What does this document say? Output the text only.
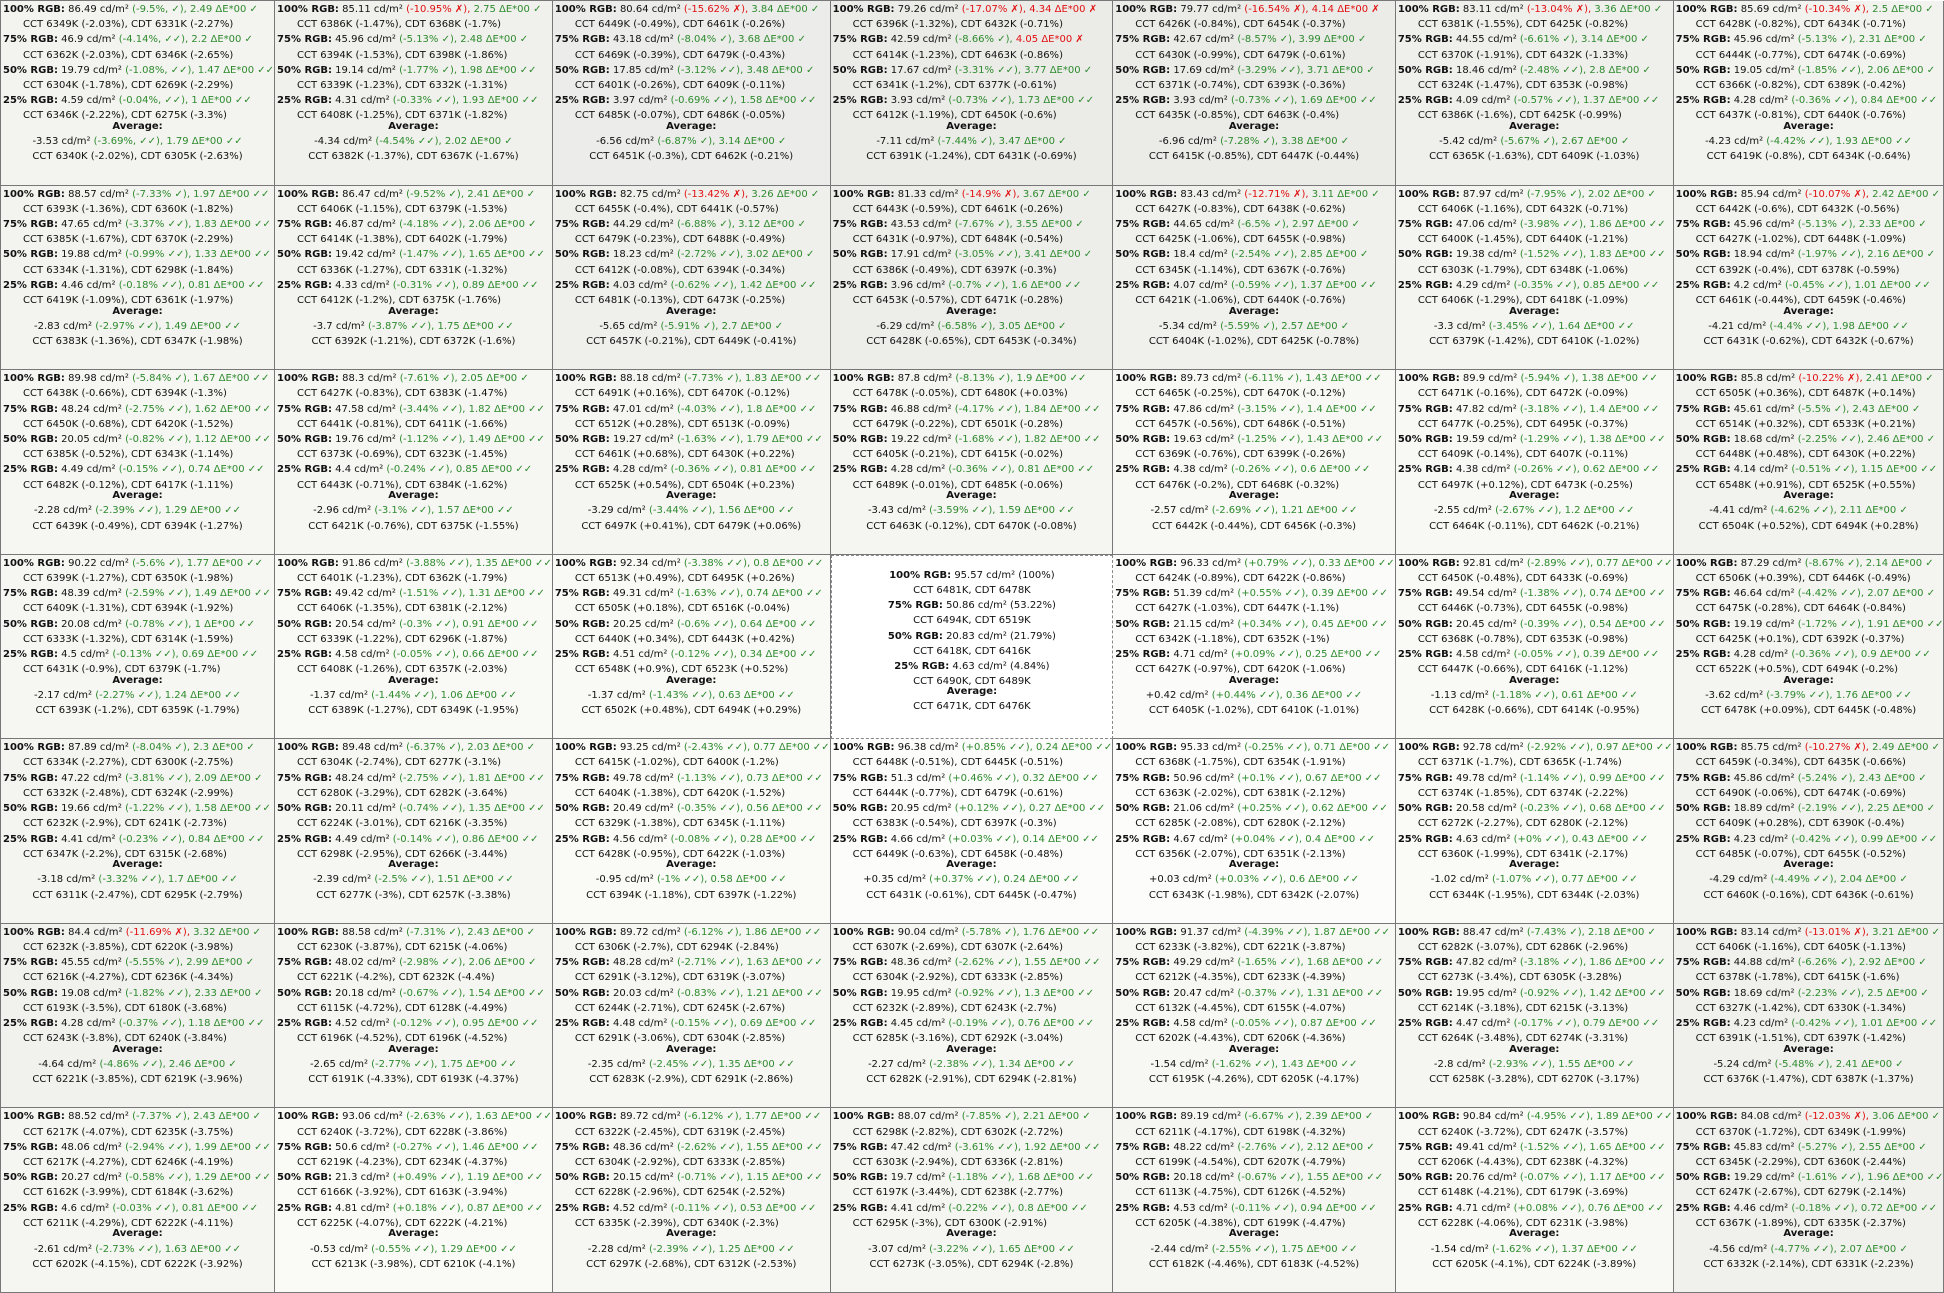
100% RGB: 86.49 cd/m² (-9.5%, ✓), 2.49 ΔE*00 ✓
CCT 6349K (-2.03%), CDT 6331K (-2.27%)
75% RGB: 46.9 cd/m² (-4.14%, ✓✓), 2.2 ΔE*00 ✓
CCT 6362K (-2.03%), CDT 6346K (-2.65%)
50% RGB: 19.79 cd/m² (-1.08%, ✓✓), 1.47 ΔE*00 ✓✓
CCT 6304K (-1.78%), CDT 6269K (-2.29%)
25% RGB: 4.59 cd/m² (-0.04%, ✓✓), 1 ΔE*00 ✓✓
CCT 6346K (-2.22%), CDT 6275K (-3.3%)
Average:
-3.53 cd/m² (-3.69%, ✓✓), 1.79 ΔE*00 ✓✓
CCT 6340K (-2.02%), CDT 6305K (-2.63%)
100% RGB: 85.11 cd/m² (-10.95% ✗), 2.75 ΔE*00 ✓
CCT 6386K (-1.47%), CDT 6368K (-1.7%)
75% RGB: 45.96 cd/m² (-5.13% ✓), 2.48 ΔE*00 ✓
CCT 6394K (-1.53%), CDT 6398K (-1.86%)
50% RGB: 19.14 cd/m² (-1.77% ✓), 1.98 ΔE*00 ✓✓
CCT 6339K (-1.23%), CDT 6332K (-1.31%)
25% RGB: 4.31 cd/m² (-0.33% ✓✓), 1.93 ΔE*00 ✓✓
CCT 6408K (-1.25%), CDT 6371K (-1.82%)
Average:
-4.34 cd/m² (-4.54% ✓✓), 2.02 ΔE*00 ✓
CCT 6382K (-1.37%), CDT 6367K (-1.67%)
100% RGB: 80.64 cd/m² (-15.62% ✗), 3.84 ΔE*00 ✓
CCT 6449K (-0.49%), CDT 6461K (-0.26%)
75% RGB: 43.18 cd/m² (-8.04% ✓), 3.68 ΔE*00 ✓
CCT 6469K (-0.39%), CDT 6479K (-0.43%)
50% RGB: 17.85 cd/m² (-3.12% ✓✓), 3.48 ΔE*00 ✓
CCT 6401K (-0.26%), CDT 6409K (-0.11%)
25% RGB: 3.97 cd/m² (-0.69% ✓✓), 1.58 ΔE*00 ✓✓
CCT 6485K (-0.07%), CDT 6486K (-0.05%)
Average:
-6.56 cd/m² (-6.87% ✓), 3.14 ΔE*00 ✓
CCT 6451K (-0.3%), CDT 6462K (-0.21%)
100% RGB: 79.26 cd/m² (-17.07% ✗), 4.34 ΔE*00 ✗
CCT 6396K (-1.32%), CDT 6432K (-0.71%)
75% RGB: 42.59 cd/m² (-8.66% ✓), 4.05 ΔE*00 ✗
CCT 6414K (-1.23%), CDT 6463K (-0.86%)
50% RGB: 17.67 cd/m² (-3.31% ✓✓), 3.77 ΔE*00 ✓
CCT 6341K (-1.2%), CDT 6377K (-0.61%)
25% RGB: 3.93 cd/m² (-0.73% ✓✓), 1.73 ΔE*00 ✓✓
CCT 6412K (-1.19%), CDT 6450K (-0.6%)
Average:
-7.11 cd/m² (-7.44% ✓), 3.47 ΔE*00 ✓
CCT 6391K (-1.24%), CDT 6431K (-0.69%)
100% RGB: 79.77 cd/m² (-16.54% ✗), 4.14 ΔE*00 ✗
CCT 6426K (-0.84%), CDT 6454K (-0.37%)
75% RGB: 42.67 cd/m² (-8.57% ✓), 3.99 ΔE*00 ✓
CCT 6430K (-0.99%), CDT 6479K (-0.61%)
50% RGB: 17.69 cd/m² (-3.29% ✓✓), 3.71 ΔE*00 ✓
CCT 6371K (-0.74%), CDT 6393K (-0.36%)
25% RGB: 3.93 cd/m² (-0.73% ✓✓), 1.69 ΔE*00 ✓✓
CCT 6435K (-0.85%), CDT 6463K (-0.4%)
Average:
-6.96 cd/m² (-7.28% ✓), 3.38 ΔE*00 ✓
CCT 6415K (-0.85%), CDT 6447K (-0.44%)
100% RGB: 83.11 cd/m² (-13.04% ✗), 3.36 ΔE*00 ✓
CCT 6381K (-1.55%), CDT 6425K (-0.82%)
75% RGB: 44.55 cd/m² (-6.61% ✓), 3.14 ΔE*00 ✓
CCT 6370K (-1.91%), CDT 6432K (-1.33%)
50% RGB: 18.46 cd/m² (-2.48% ✓✓), 2.8 ΔE*00 ✓
CCT 6324K (-1.47%), CDT 6353K (-0.98%)
25% RGB: 4.09 cd/m² (-0.57% ✓✓), 1.37 ΔE*00 ✓✓
CCT 6386K (-1.6%), CDT 6425K (-0.99%)
Average:
-5.42 cd/m² (-5.67% ✓), 2.67 ΔE*00 ✓
CCT 6365K (-1.63%), CDT 6409K (-1.03%)
100% RGB: 85.69 cd/m² (-10.34% ✗), 2.5 ΔE*00 ✓
CCT 6428K (-0.82%), CDT 6434K (-0.71%)
75% RGB: 45.96 cd/m² (-5.13% ✓), 2.31 ΔE*00 ✓
CCT 6444K (-0.77%), CDT 6474K (-0.69%)
50% RGB: 19.05 cd/m² (-1.85% ✓✓), 2.06 ΔE*00 ✓
CCT 6366K (-0.82%), CDT 6389K (-0.42%)
25% RGB: 4.28 cd/m² (-0.36% ✓✓), 0.84 ΔE*00 ✓✓
CCT 6437K (-0.81%), CDT 6440K (-0.76%)
Average:
-4.23 cd/m² (-4.42% ✓✓), 1.93 ΔE*00 ✓✓
CCT 6419K (-0.8%), CDT 6434K (-0.64%)
100% RGB: 88.57 cd/m² (-7.33% ✓), 1.97 ΔE*00 ✓✓
CCT 6393K (-1.36%), CDT 6360K (-1.82%)
75% RGB: 47.65 cd/m² (-3.37% ✓✓), 1.83 ΔE*00 ✓✓
CCT 6385K (-1.67%), CDT 6370K (-2.29%)
50% RGB: 19.88 cd/m² (-0.99% ✓✓), 1.33 ΔE*00 ✓✓
CCT 6334K (-1.31%), CDT 6298K (-1.84%)
25% RGB: 4.46 cd/m² (-0.18% ✓✓), 0.81 ΔE*00 ✓✓
CCT 6419K (-1.09%), CDT 6361K (-1.97%)
Average:
-2.83 cd/m² (-2.97% ✓✓), 1.49 ΔE*00 ✓✓
CCT 6383K (-1.36%), CDT 6347K (-1.98%)
100% RGB: 86.47 cd/m² (-9.52% ✓), 2.41 ΔE*00 ✓
CCT 6406K (-1.15%), CDT 6379K (-1.53%)
75% RGB: 46.87 cd/m² (-4.18% ✓✓), 2.06 ΔE*00 ✓
CCT 6414K (-1.38%), CDT 6402K (-1.79%)
50% RGB: 19.42 cd/m² (-1.47% ✓✓), 1.65 ΔE*00 ✓✓
CCT 6336K (-1.27%), CDT 6331K (-1.32%)
25% RGB: 4.33 cd/m² (-0.31% ✓✓), 0.89 ΔE*00 ✓✓
CCT 6412K (-1.2%), CDT 6375K (-1.76%)
Average:
-3.7 cd/m² (-3.87% ✓✓), 1.75 ΔE*00 ✓✓
CCT 6392K (-1.21%), CDT 6372K (-1.6%)
100% RGB: 82.75 cd/m² (-13.42% ✗), 3.26 ΔE*00 ✓
CCT 6455K (-0.4%), CDT 6441K (-0.57%)
75% RGB: 44.29 cd/m² (-6.88% ✓), 3.12 ΔE*00 ✓
CCT 6479K (-0.23%), CDT 6488K (-0.49%)
50% RGB: 18.23 cd/m² (-2.72% ✓✓), 3.02 ΔE*00 ✓
CCT 6412K (-0.08%), CDT 6394K (-0.34%)
25% RGB: 4.03 cd/m² (-0.62% ✓✓), 1.42 ΔE*00 ✓✓
CCT 6481K (-0.13%), CDT 6473K (-0.25%)
Average:
-5.65 cd/m² (-5.91% ✓), 2.7 ΔE*00 ✓
CCT 6457K (-0.21%), CDT 6449K (-0.41%)
100% RGB: 81.33 cd/m² (-14.9% ✗), 3.67 ΔE*00 ✓
CCT 6443K (-0.59%), CDT 6461K (-0.26%)
75% RGB: 43.53 cd/m² (-7.67% ✓), 3.55 ΔE*00 ✓
CCT 6431K (-0.97%), CDT 6484K (-0.54%)
50% RGB: 17.91 cd/m² (-3.05% ✓✓), 3.41 ΔE*00 ✓
CCT 6386K (-0.49%), CDT 6397K (-0.3%)
25% RGB: 3.96 cd/m² (-0.7% ✓✓), 1.6 ΔE*00 ✓✓
CCT 6453K (-0.57%), CDT 6471K (-0.28%)
Average:
-6.29 cd/m² (-6.58% ✓), 3.05 ΔE*00 ✓
CCT 6428K (-0.65%), CDT 6453K (-0.34%)
100% RGB: 83.43 cd/m² (-12.71% ✗), 3.11 ΔE*00 ✓
CCT 6427K (-0.83%), CDT 6438K (-0.62%)
75% RGB: 44.65 cd/m² (-6.5% ✓), 2.97 ΔE*00 ✓
CCT 6425K (-1.06%), CDT 6455K (-0.98%)
50% RGB: 18.4 cd/m² (-2.54% ✓✓), 2.85 ΔE*00 ✓
CCT 6345K (-1.14%), CDT 6367K (-0.76%)
25% RGB: 4.07 cd/m² (-0.59% ✓✓), 1.37 ΔE*00 ✓✓
CCT 6421K (-1.06%), CDT 6440K (-0.76%)
Average:
-5.34 cd/m² (-5.59% ✓), 2.57 ΔE*00 ✓
CCT 6404K (-1.02%), CDT 6425K (-0.78%)
100% RGB: 87.97 cd/m² (-7.95% ✓), 2.02 ΔE*00 ✓
CCT 6406K (-1.16%), CDT 6432K (-0.71%)
75% RGB: 47.06 cd/m² (-3.98% ✓✓), 1.86 ΔE*00 ✓✓
CCT 6400K (-1.45%), CDT 6440K (-1.21%)
50% RGB: 19.38 cd/m² (-1.52% ✓✓), 1.83 ΔE*00 ✓✓
CCT 6303K (-1.79%), CDT 6348K (-1.06%)
25% RGB: 4.29 cd/m² (-0.35% ✓✓), 0.85 ΔE*00 ✓✓
CCT 6406K (-1.29%), CDT 6418K (-1.09%)
Average:
-3.3 cd/m² (-3.45% ✓✓), 1.64 ΔE*00 ✓✓
CCT 6379K (-1.42%), CDT 6410K (-1.02%)
100% RGB: 85.94 cd/m² (-10.07% ✗), 2.42 ΔE*00 ✓
CCT 6442K (-0.6%), CDT 6432K (-0.56%)
75% RGB: 45.96 cd/m² (-5.13% ✓), 2.33 ΔE*00 ✓
CCT 6427K (-1.02%), CDT 6448K (-1.09%)
50% RGB: 18.94 cd/m² (-1.97% ✓✓), 2.16 ΔE*00 ✓
CCT 6392K (-0.4%), CDT 6378K (-0.59%)
25% RGB: 4.2 cd/m² (-0.45% ✓✓), 1.01 ΔE*00 ✓✓
CCT 6461K (-0.44%), CDT 6459K (-0.46%)
Average:
-4.21 cd/m² (-4.4% ✓✓), 1.98 ΔE*00 ✓✓
CCT 6431K (-0.62%), CDT 6432K (-0.67%)
100% RGB: 89.98 cd/m² (-5.84% ✓), 1.67 ΔE*00 ✓✓
CCT 6438K (-0.66%), CDT 6394K (-1.3%)
75% RGB: 48.24 cd/m² (-2.75% ✓✓), 1.62 ΔE*00 ✓✓
CCT 6450K (-0.68%), CDT 6420K (-1.52%)
50% RGB: 20.05 cd/m² (-0.82% ✓✓), 1.12 ΔE*00 ✓✓
CCT 6385K (-0.52%), CDT 6343K (-1.14%)
25% RGB: 4.49 cd/m² (-0.15% ✓✓), 0.74 ΔE*00 ✓✓
CCT 6482K (-0.12%), CDT 6417K (-1.11%)
Average:
-2.28 cd/m² (-2.39% ✓✓), 1.29 ΔE*00 ✓✓
CCT 6439K (-0.49%), CDT 6394K (-1.27%)
100% RGB: 88.3 cd/m² (-7.61% ✓), 2.05 ΔE*00 ✓
CCT 6427K (-0.83%), CDT 6383K (-1.47%)
75% RGB: 47.58 cd/m² (-3.44% ✓✓), 1.82 ΔE*00 ✓✓
CCT 6441K (-0.81%), CDT 6411K (-1.66%)
50% RGB: 19.76 cd/m² (-1.12% ✓✓), 1.49 ΔE*00 ✓✓
CCT 6373K (-0.69%), CDT 6323K (-1.45%)
25% RGB: 4.4 cd/m² (-0.24% ✓✓), 0.85 ΔE*00 ✓✓
CCT 6443K (-0.71%), CDT 6384K (-1.62%)
Average:
-2.96 cd/m² (-3.1% ✓✓), 1.57 ΔE*00 ✓✓
CCT 6421K (-0.76%), CDT 6375K (-1.55%)
100% RGB: 88.18 cd/m² (-7.73% ✓), 1.83 ΔE*00 ✓✓
CCT 6491K (+0.16%), CDT 6470K (-0.12%)
75% RGB: 47.01 cd/m² (-4.03% ✓✓), 1.8 ΔE*00 ✓✓
CCT 6512K (+0.28%), CDT 6513K (-0.09%)
50% RGB: 19.27 cd/m² (-1.63% ✓✓), 1.79 ΔE*00 ✓✓
CCT 6461K (+0.68%), CDT 6430K (+0.22%)
25% RGB: 4.28 cd/m² (-0.36% ✓✓), 0.81 ΔE*00 ✓✓
CCT 6525K (+0.54%), CDT 6504K (+0.23%)
Average:
-3.29 cd/m² (-3.44% ✓✓), 1.56 ΔE*00 ✓✓
CCT 6497K (+0.41%), CDT 6479K (+0.06%)
100% RGB: 87.8 cd/m² (-8.13% ✓), 1.9 ΔE*00 ✓✓
CCT 6478K (-0.05%), CDT 6480K (+0.03%)
75% RGB: 46.88 cd/m² (-4.17% ✓✓), 1.84 ΔE*00 ✓✓
CCT 6479K (-0.22%), CDT 6501K (-0.28%)
50% RGB: 19.22 cd/m² (-1.68% ✓✓), 1.82 ΔE*00 ✓✓
CCT 6405K (-0.21%), CDT 6415K (-0.02%)
25% RGB: 4.28 cd/m² (-0.36% ✓✓), 0.81 ΔE*00 ✓✓
CCT 6489K (-0.01%), CDT 6485K (-0.06%)
Average:
-3.43 cd/m² (-3.59% ✓✓), 1.59 ΔE*00 ✓✓
CCT 6463K (-0.12%), CDT 6470K (-0.08%)
100% RGB: 89.73 cd/m² (-6.11% ✓), 1.43 ΔE*00 ✓✓
CCT 6465K (-0.25%), CDT 6470K (-0.12%)
75% RGB: 47.86 cd/m² (-3.15% ✓✓), 1.4 ΔE*00 ✓✓
CCT 6457K (-0.56%), CDT 6486K (-0.51%)
50% RGB: 19.63 cd/m² (-1.25% ✓✓), 1.43 ΔE*00 ✓✓
CCT 6369K (-0.76%), CDT 6399K (-0.26%)
25% RGB: 4.38 cd/m² (-0.26% ✓✓), 0.6 ΔE*00 ✓✓
CCT 6476K (-0.2%), CDT 6468K (-0.32%)
Average:
-2.57 cd/m² (-2.69% ✓✓), 1.21 ΔE*00 ✓✓
CCT 6442K (-0.44%), CDT 6456K (-0.3%)
100% RGB: 89.9 cd/m² (-5.94% ✓), 1.38 ΔE*00 ✓✓
CCT 6471K (-0.16%), CDT 6472K (-0.09%)
75% RGB: 47.82 cd/m² (-3.18% ✓✓), 1.4 ΔE*00 ✓✓
CCT 6477K (-0.25%), CDT 6495K (-0.37%)
50% RGB: 19.59 cd/m² (-1.29% ✓✓), 1.38 ΔE*00 ✓✓
CCT 6409K (-0.14%), CDT 6407K (-0.11%)
25% RGB: 4.38 cd/m² (-0.26% ✓✓), 0.62 ΔE*00 ✓✓
CCT 6497K (+0.12%), CDT 6473K (-0.25%)
Average:
-2.55 cd/m² (-2.67% ✓✓), 1.2 ΔE*00 ✓✓
CCT 6464K (-0.11%), CDT 6462K (-0.21%)
100% RGB: 85.8 cd/m² (-10.22% ✗), 2.41 ΔE*00 ✓
CCT 6505K (+0.36%), CDT 6487K (+0.14%)
75% RGB: 45.61 cd/m² (-5.5% ✓), 2.43 ΔE*00 ✓
CCT 6514K (+0.32%), CDT 6533K (+0.21%)
50% RGB: 18.68 cd/m² (-2.25% ✓✓), 2.46 ΔE*00 ✓
CCT 6448K (+0.48%), CDT 6430K (+0.22%)
25% RGB: 4.14 cd/m² (-0.51% ✓✓), 1.15 ΔE*00 ✓✓
CCT 6548K (+0.91%), CDT 6525K (+0.55%)
Average:
-4.41 cd/m² (-4.62% ✓✓), 2.11 ΔE*00 ✓
CCT 6504K (+0.52%), CDT 6494K (+0.28%)
100% RGB: 90.22 cd/m² (-5.6% ✓), 1.77 ΔE*00 ✓✓
CCT 6399K (-1.27%), CDT 6350K (-1.98%)
75% RGB: 48.39 cd/m² (-2.59% ✓✓), 1.49 ΔE*00 ✓✓
CCT 6409K (-1.31%), CDT 6394K (-1.92%)
50% RGB: 20.08 cd/m² (-0.78% ✓✓), 1 ΔE*00 ✓✓
CCT 6333K (-1.32%), CDT 6314K (-1.59%)
25% RGB: 4.5 cd/m² (-0.13% ✓✓), 0.69 ΔE*00 ✓✓
CCT 6431K (-0.9%), CDT 6379K (-1.7%)
Average:
-2.17 cd/m² (-2.27% ✓✓), 1.24 ΔE*00 ✓✓
CCT 6393K (-1.2%), CDT 6359K (-1.79%)
100% RGB: 91.86 cd/m² (-3.88% ✓✓), 1.35 ΔE*00 ✓✓
CCT 6401K (-1.23%), CDT 6362K (-1.79%)
75% RGB: 49.42 cd/m² (-1.51% ✓✓), 1.31 ΔE*00 ✓✓
CCT 6406K (-1.35%), CDT 6381K (-2.12%)
50% RGB: 20.54 cd/m² (-0.3% ✓✓), 0.91 ΔE*00 ✓✓
CCT 6339K (-1.22%), CDT 6296K (-1.87%)
25% RGB: 4.58 cd/m² (-0.05% ✓✓), 0.66 ΔE*00 ✓✓
CCT 6408K (-1.26%), CDT 6357K (-2.03%)
Average:
-1.37 cd/m² (-1.44% ✓✓), 1.06 ΔE*00 ✓✓
CCT 6389K (-1.27%), CDT 6349K (-1.95%)
100% RGB: 92.34 cd/m² (-3.38% ✓✓), 0.8 ΔE*00 ✓✓
CCT 6513K (+0.49%), CDT 6495K (+0.26%)
75% RGB: 49.31 cd/m² (-1.63% ✓✓), 0.74 ΔE*00 ✓✓
CCT 6505K (+0.18%), CDT 6516K (-0.04%)
50% RGB: 20.25 cd/m² (-0.6% ✓✓), 0.64 ΔE*00 ✓✓
CCT 6440K (+0.34%), CDT 6443K (+0.42%)
25% RGB: 4.51 cd/m² (-0.12% ✓✓), 0.34 ΔE*00 ✓✓
CCT 6548K (+0.9%), CDT 6523K (+0.52%)
Average:
-1.37 cd/m² (-1.43% ✓✓), 0.63 ΔE*00 ✓✓
CCT 6502K (+0.48%), CDT 6494K (+0.29%)
100% RGB: 95.57 cd/m² (100%)
CCT 6481K, CDT 6478K
75% RGB: 50.86 cd/m² (53.22%)
CCT 6494K, CDT 6519K
50% RGB: 20.83 cd/m² (21.79%)
CCT 6418K, CDT 6416K
25% RGB: 4.63 cd/m² (4.84%)
CCT 6490K, CDT 6489K
Average:
CCT 6471K, CDT 6476K
100% RGB: 96.33 cd/m² (+0.79% ✓✓), 0.33 ΔE*00 ✓✓
CCT 6424K (-0.89%), CDT 6422K (-0.86%)
75% RGB: 51.39 cd/m² (+0.55% ✓✓), 0.39 ΔE*00 ✓✓
CCT 6427K (-1.03%), CDT 6447K (-1.1%)
50% RGB: 21.15 cd/m² (+0.34% ✓✓), 0.45 ΔE*00 ✓✓
CCT 6342K (-1.18%), CDT 6352K (-1%)
25% RGB: 4.71 cd/m² (+0.09% ✓✓), 0.25 ΔE*00 ✓✓
CCT 6427K (-0.97%), CDT 6420K (-1.06%)
Average:
+0.42 cd/m² (+0.44% ✓✓), 0.36 ΔE*00 ✓✓
CCT 6405K (-1.02%), CDT 6410K (-1.01%)
100% RGB: 92.81 cd/m² (-2.89% ✓✓), 0.77 ΔE*00 ✓✓
CCT 6450K (-0.48%), CDT 6433K (-0.69%)
75% RGB: 49.54 cd/m² (-1.38% ✓✓), 0.74 ΔE*00 ✓✓
CCT 6446K (-0.73%), CDT 6455K (-0.98%)
50% RGB: 20.45 cd/m² (-0.39% ✓✓), 0.54 ΔE*00 ✓✓
CCT 6368K (-0.78%), CDT 6353K (-0.98%)
25% RGB: 4.58 cd/m² (-0.05% ✓✓), 0.39 ΔE*00 ✓✓
CCT 6447K (-0.66%), CDT 6416K (-1.12%)
Average:
-1.13 cd/m² (-1.18% ✓✓), 0.61 ΔE*00 ✓✓
CCT 6428K (-0.66%), CDT 6414K (-0.95%)
100% RGB: 87.29 cd/m² (-8.67% ✓), 2.14 ΔE*00 ✓
CCT 6506K (+0.39%), CDT 6446K (-0.49%)
75% RGB: 46.64 cd/m² (-4.42% ✓✓), 2.07 ΔE*00 ✓
CCT 6475K (-0.28%), CDT 6464K (-0.84%)
50% RGB: 19.19 cd/m² (-1.72% ✓✓), 1.91 ΔE*00 ✓✓
CCT 6425K (+0.1%), CDT 6392K (-0.37%)
25% RGB: 4.28 cd/m² (-0.36% ✓✓), 0.9 ΔE*00 ✓✓
CCT 6522K (+0.5%), CDT 6494K (-0.2%)
Average:
-3.62 cd/m² (-3.79% ✓✓), 1.76 ΔE*00 ✓✓
CCT 6478K (+0.09%), CDT 6445K (-0.48%)
100% RGB: 87.89 cd/m² (-8.04% ✓), 2.3 ΔE*00 ✓
CCT 6334K (-2.27%), CDT 6300K (-2.75%)
75% RGB: 47.22 cd/m² (-3.81% ✓✓), 2.09 ΔE*00 ✓
CCT 6332K (-2.48%), CDT 6324K (-2.99%)
50% RGB: 19.66 cd/m² (-1.22% ✓✓), 1.58 ΔE*00 ✓✓
CCT 6232K (-2.9%), CDT 6241K (-2.73%)
25% RGB: 4.41 cd/m² (-0.23% ✓✓), 0.84 ΔE*00 ✓✓
CCT 6347K (-2.2%), CDT 6315K (-2.68%)
Average:
-3.18 cd/m² (-3.32% ✓✓), 1.7 ΔE*00 ✓✓
CCT 6311K (-2.47%), CDT 6295K (-2.79%)
100% RGB: 89.48 cd/m² (-6.37% ✓), 2.03 ΔE*00 ✓
CCT 6304K (-2.74%), CDT 6277K (-3.1%)
75% RGB: 48.24 cd/m² (-2.75% ✓✓), 1.81 ΔE*00 ✓✓
CCT 6280K (-3.29%), CDT 6282K (-3.64%)
50% RGB: 20.11 cd/m² (-0.74% ✓✓), 1.35 ΔE*00 ✓✓
CCT 6224K (-3.01%), CDT 6216K (-3.35%)
25% RGB: 4.49 cd/m² (-0.14% ✓✓), 0.86 ΔE*00 ✓✓
CCT 6298K (-2.95%), CDT 6266K (-3.44%)
Average:
-2.39 cd/m² (-2.5% ✓✓), 1.51 ΔE*00 ✓✓
CCT 6277K (-3%), CDT 6257K (-3.38%)
100% RGB: 93.25 cd/m² (-2.43% ✓✓), 0.77 ΔE*00 ✓✓
CCT 6415K (-1.02%), CDT 6400K (-1.2%)
75% RGB: 49.78 cd/m² (-1.13% ✓✓), 0.73 ΔE*00 ✓✓
CCT 6404K (-1.38%), CDT 6420K (-1.52%)
50% RGB: 20.49 cd/m² (-0.35% ✓✓), 0.56 ΔE*00 ✓✓
CCT 6329K (-1.38%), CDT 6345K (-1.11%)
25% RGB: 4.56 cd/m² (-0.08% ✓✓), 0.28 ΔE*00 ✓✓
CCT 6428K (-0.95%), CDT 6422K (-1.03%)
Average:
-0.95 cd/m² (-1% ✓✓), 0.58 ΔE*00 ✓✓
CCT 6394K (-1.18%), CDT 6397K (-1.22%)
100% RGB: 96.38 cd/m² (+0.85% ✓✓), 0.24 ΔE*00 ✓✓
CCT 6448K (-0.51%), CDT 6445K (-0.51%)
75% RGB: 51.3 cd/m² (+0.46% ✓✓), 0.32 ΔE*00 ✓✓
CCT 6444K (-0.77%), CDT 6479K (-0.61%)
50% RGB: 20.95 cd/m² (+0.12% ✓✓), 0.27 ΔE*00 ✓✓
CCT 6383K (-0.54%), CDT 6397K (-0.3%)
25% RGB: 4.66 cd/m² (+0.03% ✓✓), 0.14 ΔE*00 ✓✓
CCT 6449K (-0.63%), CDT 6458K (-0.48%)
Average:
+0.35 cd/m² (+0.37% ✓✓), 0.24 ΔE*00 ✓✓
CCT 6431K (-0.61%), CDT 6445K (-0.47%)
100% RGB: 95.33 cd/m² (-0.25% ✓✓), 0.71 ΔE*00 ✓✓
CCT 6368K (-1.75%), CDT 6354K (-1.91%)
75% RGB: 50.96 cd/m² (+0.1% ✓✓), 0.67 ΔE*00 ✓✓
CCT 6363K (-2.02%), CDT 6381K (-2.12%)
50% RGB: 21.06 cd/m² (+0.25% ✓✓), 0.62 ΔE*00 ✓✓
CCT 6285K (-2.08%), CDT 6280K (-2.12%)
25% RGB: 4.67 cd/m² (+0.04% ✓✓), 0.4 ΔE*00 ✓✓
CCT 6356K (-2.07%), CDT 6351K (-2.13%)
Average:
+0.03 cd/m² (+0.03% ✓✓), 0.6 ΔE*00 ✓✓
CCT 6343K (-1.98%), CDT 6342K (-2.07%)
100% RGB: 92.78 cd/m² (-2.92% ✓✓), 0.97 ΔE*00 ✓✓
CCT 6371K (-1.7%), CDT 6365K (-1.74%)
75% RGB: 49.78 cd/m² (-1.14% ✓✓), 0.99 ΔE*00 ✓✓
CCT 6374K (-1.85%), CDT 6374K (-2.22%)
50% RGB: 20.58 cd/m² (-0.23% ✓✓), 0.68 ΔE*00 ✓✓
CCT 6272K (-2.27%), CDT 6280K (-2.12%)
25% RGB: 4.63 cd/m² (+0% ✓✓), 0.43 ΔE*00 ✓✓
CCT 6360K (-1.99%), CDT 6341K (-2.17%)
Average:
-1.02 cd/m² (-1.07% ✓✓), 0.77 ΔE*00 ✓✓
CCT 6344K (-1.95%), CDT 6344K (-2.03%)
100% RGB: 85.75 cd/m² (-10.27% ✗), 2.49 ΔE*00 ✓
CCT 6459K (-0.34%), CDT 6435K (-0.66%)
75% RGB: 45.86 cd/m² (-5.24% ✓), 2.43 ΔE*00 ✓
CCT 6490K (-0.06%), CDT 6474K (-0.69%)
50% RGB: 18.89 cd/m² (-2.19% ✓✓), 2.25 ΔE*00 ✓
CCT 6409K (+0.28%), CDT 6390K (-0.4%)
25% RGB: 4.23 cd/m² (-0.42% ✓✓), 0.99 ΔE*00 ✓✓
CCT 6485K (-0.07%), CDT 6455K (-0.52%)
Average:
-4.29 cd/m² (-4.49% ✓✓), 2.04 ΔE*00 ✓
CCT 6460K (-0.16%), CDT 6436K (-0.61%)
100% RGB: 84.4 cd/m² (-11.69% ✗), 3.32 ΔE*00 ✓
CCT 6232K (-3.85%), CDT 6220K (-3.98%)
75% RGB: 45.55 cd/m² (-5.55% ✓), 2.99 ΔE*00 ✓
CCT 6216K (-4.27%), CDT 6236K (-4.34%)
50% RGB: 19.08 cd/m² (-1.82% ✓✓), 2.33 ΔE*00 ✓
CCT 6193K (-3.5%), CDT 6180K (-3.68%)
25% RGB: 4.28 cd/m² (-0.37% ✓✓), 1.18 ΔE*00 ✓✓
CCT 6243K (-3.8%), CDT 6240K (-3.84%)
Average:
-4.64 cd/m² (-4.86% ✓✓), 2.46 ΔE*00 ✓
CCT 6221K (-3.85%), CDT 6219K (-3.96%)
100% RGB: 88.58 cd/m² (-7.31% ✓), 2.43 ΔE*00 ✓
CCT 6230K (-3.87%), CDT 6215K (-4.06%)
75% RGB: 48.02 cd/m² (-2.98% ✓✓), 2.06 ΔE*00 ✓
CCT 6221K (-4.2%), CDT 6232K (-4.4%)
50% RGB: 20.18 cd/m² (-0.67% ✓✓), 1.54 ΔE*00 ✓✓
CCT 6115K (-4.72%), CDT 6128K (-4.49%)
25% RGB: 4.52 cd/m² (-0.12% ✓✓), 0.95 ΔE*00 ✓✓
CCT 6196K (-4.52%), CDT 6196K (-4.52%)
Average:
-2.65 cd/m² (-2.77% ✓✓), 1.75 ΔE*00 ✓✓
CCT 6191K (-4.33%), CDT 6193K (-4.37%)
100% RGB: 89.72 cd/m² (-6.12% ✓), 1.86 ΔE*00 ✓✓
CCT 6306K (-2.7%), CDT 6294K (-2.84%)
75% RGB: 48.28 cd/m² (-2.71% ✓✓), 1.63 ΔE*00 ✓✓
CCT 6291K (-3.12%), CDT 6319K (-3.07%)
50% RGB: 20.03 cd/m² (-0.83% ✓✓), 1.21 ΔE*00 ✓✓
CCT 6244K (-2.71%), CDT 6245K (-2.67%)
25% RGB: 4.48 cd/m² (-0.15% ✓✓), 0.69 ΔE*00 ✓✓
CCT 6291K (-3.06%), CDT 6304K (-2.85%)
Average:
-2.35 cd/m² (-2.45% ✓✓), 1.35 ΔE*00 ✓✓
CCT 6283K (-2.9%), CDT 6291K (-2.86%)
100% RGB: 90.04 cd/m² (-5.78% ✓), 1.76 ΔE*00 ✓✓
CCT 6307K (-2.69%), CDT 6307K (-2.64%)
75% RGB: 48.36 cd/m² (-2.62% ✓✓), 1.55 ΔE*00 ✓✓
CCT 6304K (-2.92%), CDT 6333K (-2.85%)
50% RGB: 19.95 cd/m² (-0.92% ✓✓), 1.3 ΔE*00 ✓✓
CCT 6232K (-2.89%), CDT 6243K (-2.7%)
25% RGB: 4.45 cd/m² (-0.19% ✓✓), 0.76 ΔE*00 ✓✓
CCT 6285K (-3.16%), CDT 6292K (-3.04%)
Average:
-2.27 cd/m² (-2.38% ✓✓), 1.34 ΔE*00 ✓✓
CCT 6282K (-2.91%), CDT 6294K (-2.81%)
100% RGB: 91.37 cd/m² (-4.39% ✓✓), 1.87 ΔE*00 ✓✓
CCT 6233K (-3.82%), CDT 6221K (-3.87%)
75% RGB: 49.29 cd/m² (-1.65% ✓✓), 1.68 ΔE*00 ✓✓
CCT 6212K (-4.35%), CDT 6233K (-4.39%)
50% RGB: 20.47 cd/m² (-0.37% ✓✓), 1.31 ΔE*00 ✓✓
CCT 6132K (-4.45%), CDT 6155K (-4.07%)
25% RGB: 4.58 cd/m² (-0.05% ✓✓), 0.87 ΔE*00 ✓✓
CCT 6202K (-4.43%), CDT 6206K (-4.36%)
Average:
-1.54 cd/m² (-1.62% ✓✓), 1.43 ΔE*00 ✓✓
CCT 6195K (-4.26%), CDT 6205K (-4.17%)
100% RGB: 88.47 cd/m² (-7.43% ✓), 2.18 ΔE*00 ✓
CCT 6282K (-3.07%), CDT 6286K (-2.96%)
75% RGB: 47.82 cd/m² (-3.18% ✓✓), 1.86 ΔE*00 ✓✓
CCT 6273K (-3.4%), CDT 6305K (-3.28%)
50% RGB: 19.95 cd/m² (-0.92% ✓✓), 1.42 ΔE*00 ✓✓
CCT 6214K (-3.18%), CDT 6215K (-3.13%)
25% RGB: 4.47 cd/m² (-0.17% ✓✓), 0.79 ΔE*00 ✓✓
CCT 6264K (-3.48%), CDT 6274K (-3.31%)
Average:
-2.8 cd/m² (-2.93% ✓✓), 1.55 ΔE*00 ✓✓
CCT 6258K (-3.28%), CDT 6270K (-3.17%)
100% RGB: 83.14 cd/m² (-13.01% ✗), 3.21 ΔE*00 ✓
CCT 6406K (-1.16%), CDT 6405K (-1.13%)
75% RGB: 44.88 cd/m² (-6.26% ✓), 2.92 ΔE*00 ✓
CCT 6378K (-1.78%), CDT 6415K (-1.6%)
50% RGB: 18.69 cd/m² (-2.23% ✓✓), 2.5 ΔE*00 ✓
CCT 6327K (-1.42%), CDT 6330K (-1.34%)
25% RGB: 4.23 cd/m² (-0.42% ✓✓), 1.01 ΔE*00 ✓✓
CCT 6391K (-1.51%), CDT 6397K (-1.42%)
Average:
-5.24 cd/m² (-5.48% ✓), 2.41 ΔE*00 ✓
CCT 6376K (-1.47%), CDT 6387K (-1.37%)
100% RGB: 88.52 cd/m² (-7.37% ✓), 2.43 ΔE*00 ✓
CCT 6217K (-4.07%), CDT 6235K (-3.75%)
75% RGB: 48.06 cd/m² (-2.94% ✓✓), 1.99 ΔE*00 ✓✓
CCT 6217K (-4.27%), CDT 6246K (-4.19%)
50% RGB: 20.27 cd/m² (-0.58% ✓✓), 1.29 ΔE*00 ✓✓
CCT 6162K (-3.99%), CDT 6184K (-3.62%)
25% RGB: 4.6 cd/m² (-0.03% ✓✓), 0.81 ΔE*00 ✓✓
CCT 6211K (-4.29%), CDT 6222K (-4.11%)
Average:
-2.61 cd/m² (-2.73% ✓✓), 1.63 ΔE*00 ✓✓
CCT 6202K (-4.15%), CDT 6222K (-3.92%)
100% RGB: 93.06 cd/m² (-2.63% ✓✓), 1.63 ΔE*00 ✓✓
CCT 6240K (-3.72%), CDT 6228K (-3.86%)
75% RGB: 50.6 cd/m² (-0.27% ✓✓), 1.46 ΔE*00 ✓✓
CCT 6219K (-4.23%), CDT 6234K (-4.37%)
50% RGB: 21.3 cd/m² (+0.49% ✓✓), 1.19 ΔE*00 ✓✓
CCT 6166K (-3.92%), CDT 6163K (-3.94%)
25% RGB: 4.81 cd/m² (+0.18% ✓✓), 0.87 ΔE*00 ✓✓
CCT 6225K (-4.07%), CDT 6222K (-4.21%)
Average:
-0.53 cd/m² (-0.55% ✓✓), 1.29 ΔE*00 ✓✓
CCT 6213K (-3.98%), CDT 6210K (-4.1%)
100% RGB: 89.72 cd/m² (-6.12% ✓), 1.77 ΔE*00 ✓✓
CCT 6322K (-2.45%), CDT 6319K (-2.45%)
75% RGB: 48.36 cd/m² (-2.62% ✓✓), 1.55 ΔE*00 ✓✓
CCT 6304K (-2.92%), CDT 6333K (-2.85%)
50% RGB: 20.15 cd/m² (-0.71% ✓✓), 1.15 ΔE*00 ✓✓
CCT 6228K (-2.96%), CDT 6254K (-2.52%)
25% RGB: 4.52 cd/m² (-0.11% ✓✓), 0.53 ΔE*00 ✓✓
CCT 6335K (-2.39%), CDT 6340K (-2.3%)
Average:
-2.28 cd/m² (-2.39% ✓✓), 1.25 ΔE*00 ✓✓
CCT 6297K (-2.68%), CDT 6312K (-2.53%)
100% RGB: 88.07 cd/m² (-7.85% ✓), 2.21 ΔE*00 ✓
CCT 6298K (-2.82%), CDT 6302K (-2.72%)
75% RGB: 47.42 cd/m² (-3.61% ✓✓), 1.92 ΔE*00 ✓✓
CCT 6303K (-2.94%), CDT 6336K (-2.81%)
50% RGB: 19.7 cd/m² (-1.18% ✓✓), 1.68 ΔE*00 ✓✓
CCT 6197K (-3.44%), CDT 6238K (-2.77%)
25% RGB: 4.41 cd/m² (-0.22% ✓✓), 0.8 ΔE*00 ✓✓
CCT 6295K (-3%), CDT 6300K (-2.91%)
Average:
-3.07 cd/m² (-3.22% ✓✓), 1.65 ΔE*00 ✓✓
CCT 6273K (-3.05%), CDT 6294K (-2.8%)
100% RGB: 89.19 cd/m² (-6.67% ✓), 2.39 ΔE*00 ✓
CCT 6211K (-4.17%), CDT 6198K (-4.32%)
75% RGB: 48.22 cd/m² (-2.76% ✓✓), 2.12 ΔE*00 ✓
CCT 6199K (-4.54%), CDT 6207K (-4.79%)
50% RGB: 20.18 cd/m² (-0.67% ✓✓), 1.55 ΔE*00 ✓✓
CCT 6113K (-4.75%), CDT 6126K (-4.52%)
25% RGB: 4.53 cd/m² (-0.11% ✓✓), 0.94 ΔE*00 ✓✓
CCT 6205K (-4.38%), CDT 6199K (-4.47%)
Average:
-2.44 cd/m² (-2.55% ✓✓), 1.75 ΔE*00 ✓✓
CCT 6182K (-4.46%), CDT 6183K (-4.52%)
100% RGB: 90.84 cd/m² (-4.95% ✓✓), 1.89 ΔE*00 ✓✓
CCT 6240K (-3.72%), CDT 6247K (-3.57%)
75% RGB: 49.41 cd/m² (-1.52% ✓✓), 1.65 ΔE*00 ✓✓
CCT 6206K (-4.43%), CDT 6238K (-4.32%)
50% RGB: 20.76 cd/m² (-0.07% ✓✓), 1.17 ΔE*00 ✓✓
CCT 6148K (-4.21%), CDT 6179K (-3.69%)
25% RGB: 4.71 cd/m² (+0.08% ✓✓), 0.76 ΔE*00 ✓✓
CCT 6228K (-4.06%), CDT 6231K (-3.98%)
Average:
-1.54 cd/m² (-1.62% ✓✓), 1.37 ΔE*00 ✓✓
CCT 6205K (-4.1%), CDT 6224K (-3.89%)
100% RGB: 84.08 cd/m² (-12.03% ✗), 3.06 ΔE*00 ✓
CCT 6370K (-1.72%), CDT 6349K (-1.99%)
75% RGB: 45.83 cd/m² (-5.27% ✓), 2.55 ΔE*00 ✓
CCT 6345K (-2.29%), CDT 6360K (-2.44%)
50% RGB: 19.29 cd/m² (-1.61% ✓✓), 1.96 ΔE*00 ✓✓
CCT 6247K (-2.67%), CDT 6279K (-2.14%)
25% RGB: 4.46 cd/m² (-0.18% ✓✓), 0.72 ΔE*00 ✓✓
CCT 6367K (-1.89%), CDT 6335K (-2.37%)
Average:
-4.56 cd/m² (-4.77% ✓✓), 2.07 ΔE*00 ✓
CCT 6332K (-2.14%), CDT 6331K (-2.23%)
